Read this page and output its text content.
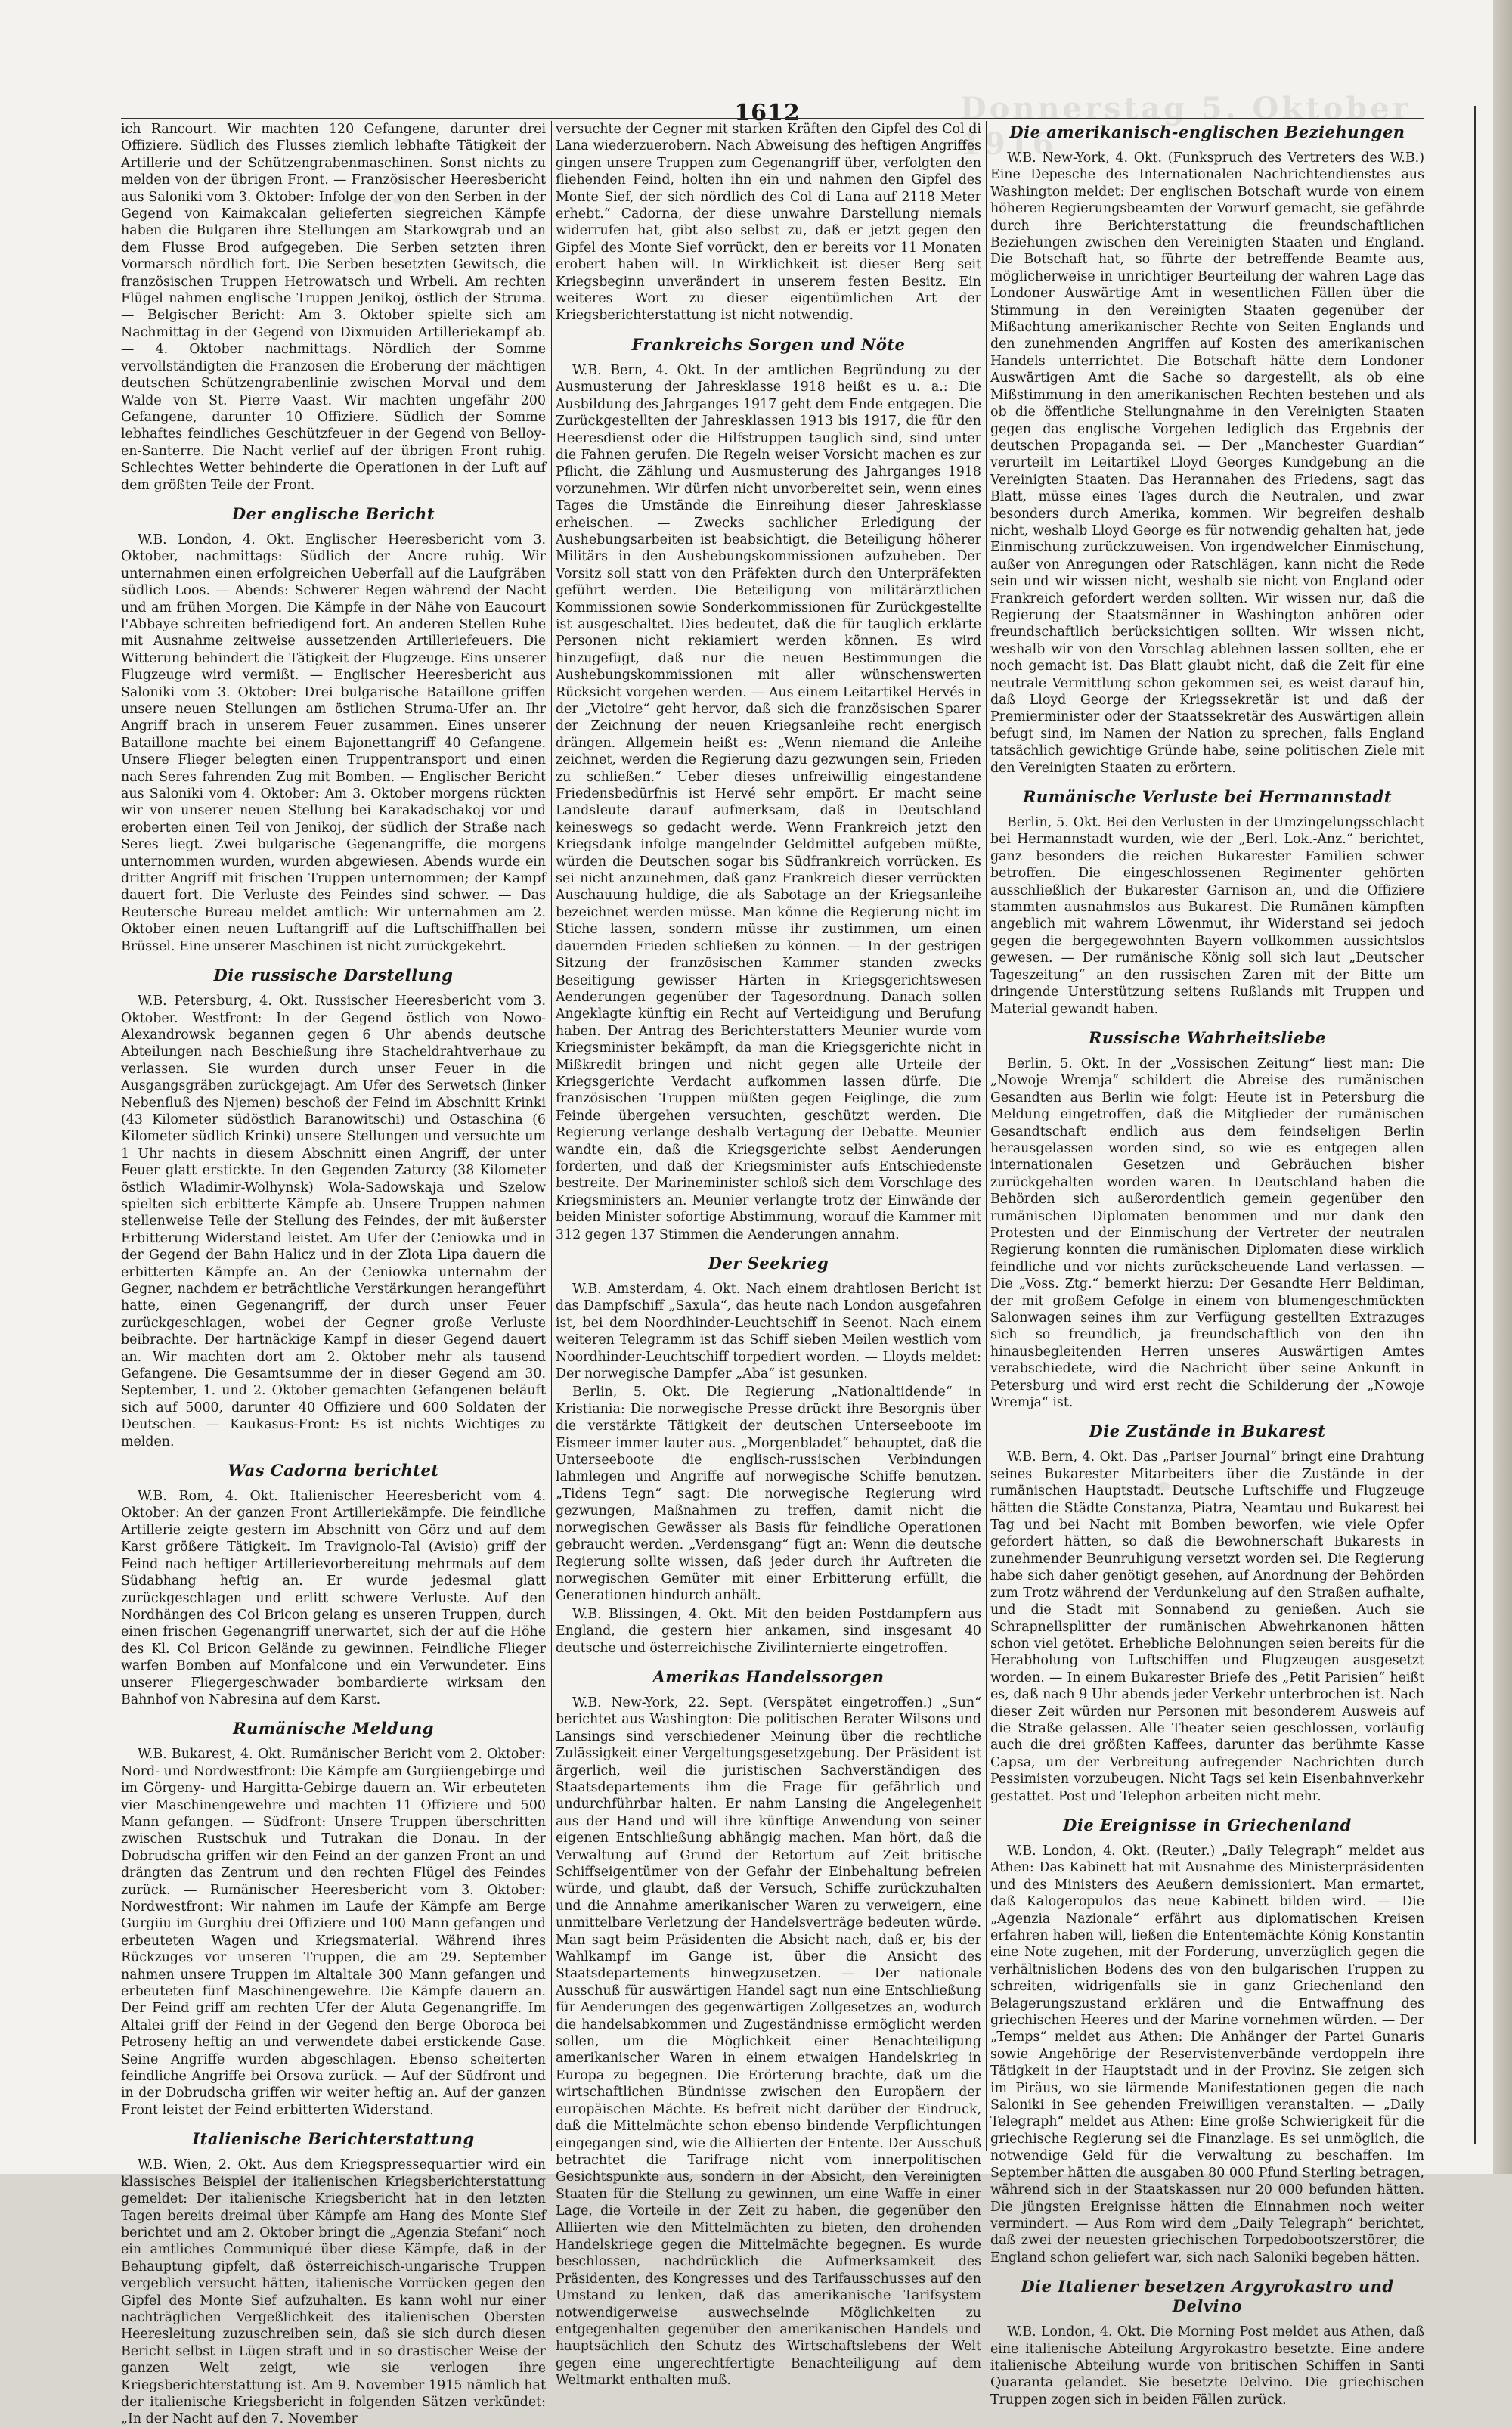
Donnerstag 5. Oktober 1916
1612

ich Rancourt. Wir machten 120 Gefangene, darunter drei Offiziere. Südlich des Flusses ziemlich lebhafte Tätigkeit der Artillerie und der Schützengrabenmaschinen. Sonst nichts zu melden von der übrigen Front. — Französischer Heeresbericht aus Saloniki vom 3. Oktober: Infolge der von den Serben in der Gegend von Kaimakcalan gelieferten siegreichen Kämpfe haben die Bulgaren ihre Stellungen am Starkowgrab und an dem Flusse Brod aufgegeben. Die Serben setzten ihren Vormarsch nördlich fort. Die Serben besetzten Gewitsch, die französischen Truppen Hetrowatsch und Wrbeli. Am rechten Flügel nahmen englische Truppen Jenikoj, östlich der Struma. — Belgischer Bericht: Am 3. Oktober spielte sich am Nachmittag in der Gegend von Dixmuiden Artilleriekampf ab. — 4. Oktober nachmittags. Nördlich der Somme vervollständigten die Franzosen die Eroberung der mächtigen deutschen Schützengrabenlinie zwischen Morval und dem Walde von St. Pierre Vaast. Wir machten ungefähr 200 Gefangene, darunter 10 Offiziere. Südlich der Somme lebhaftes feindliches Geschützfeuer in der Gegend von Belloy-en-Santerre. Die Nacht verlief auf der übrigen Front ruhig. Schlechtes Wetter behinderte die Operationen in der Luft auf dem größten Teile der Front.

Der englische Bericht

W.B. London, 4. Okt. Englischer Heeresbericht vom 3. Oktober, nachmittags: Südlich der Ancre ruhig. Wir unternahmen einen erfolgreichen Ueberfall auf die Laufgräben südlich Loos. — Abends: Schwerer Regen während der Nacht und am frühen Morgen. Die Kämpfe in der Nähe von Eaucourt l'Abbaye schreiten befriedigend fort. An anderen Stellen Ruhe mit Ausnahme zeitweise aussetzenden Artilleriefeuers. Die Witterung behindert die Tätigkeit der Flugzeuge. Eins unserer Flugzeuge wird vermißt. — Englischer Heeresbericht aus Saloniki vom 3. Oktober: Drei bulgarische Bataillone griffen unsere neuen Stellungen am östlichen Struma-Ufer an. Ihr Angriff brach in unserem Feuer zusammen. Eines unserer Bataillone machte bei einem Bajonettangriff 40 Gefangene. Unsere Flieger belegten einen Truppentransport und einen nach Seres fahrenden Zug mit Bomben. — Englischer Bericht aus Saloniki vom 4. Oktober: Am 3. Oktober morgens rückten wir von unserer neuen Stellung bei Karakadschakoj vor und eroberten einen Teil von Jenikoj, der südlich der Straße nach Seres liegt. Zwei bulgarische Gegenangriffe, die morgens unternommen wurden, wurden abgewiesen. Abends wurde ein dritter Angriff mit frischen Truppen unternommen; der Kampf dauert fort. Die Verluste des Feindes sind schwer. — Das Reutersche Bureau meldet amtlich: Wir unternahmen am 2. Oktober einen neuen Luftangriff auf die Luftschiffhallen bei Brüssel. Eine unserer Maschinen ist nicht zurückgekehrt.

Die russische Darstellung

W.B. Petersburg, 4. Okt. Russischer Heeresbericht vom 3. Oktober. Westfront: In der Gegend östlich von Nowo-Alexandrowsk begannen gegen 6 Uhr abends deutsche Abteilungen nach Beschießung ihre Stacheldrahtverhaue zu verlassen. Sie wurden durch unser Feuer in die Ausgangsgräben zurückgejagt. Am Ufer des Serwetsch (linker Nebenfluß des Njemen) beschoß der Feind im Abschnitt Krinki (43 Kilometer südöstlich Baranowitschi) und Ostaschina (6 Kilometer südlich Krinki) unsere Stellungen und versuchte um 1 Uhr nachts in diesem Abschnitt einen Angriff, der unter Feuer glatt erstickte. In den Gegenden Zaturcy (38 Kilometer östlich Wladimir-Wolhynsk) Wola-Sadowskaja und Szelow spielten sich erbitterte Kämpfe ab. Unsere Truppen nahmen stellenweise Teile der Stellung des Feindes, der mit äußerster Erbitterung Widerstand leistet. Am Ufer der Ceniowka und in der Gegend der Bahn Halicz und in der Zlota Lipa dauern die erbitterten Kämpfe an. An der Ceniowka unternahm der Gegner, nachdem er beträchtliche Verstärkungen herangeführt hatte, einen Gegenangriff, der durch unser Feuer zurückgeschlagen, wobei der Gegner große Verluste beibrachte. Der hartnäckige Kampf in dieser Gegend dauert an. Wir machten dort am 2. Oktober mehr als tausend Gefangene. Die Gesamtsumme der in dieser Gegend am 30. September, 1. und 2. Oktober gemachten Gefangenen beläuft sich auf 5000, darunter 40 Offiziere und 600 Soldaten der Deutschen. — Kaukasus-Front: Es ist nichts Wichtiges zu melden.

Was Cadorna berichtet

W.B. Rom, 4. Okt. Italienischer Heeresbericht vom 4. Oktober: An der ganzen Front Artilleriekämpfe. Die feindliche Artillerie zeigte gestern im Abschnitt von Görz und auf dem Karst größere Tätigkeit. Im Travignolo-Tal (Avisio) griff der Feind nach heftiger Artillerievorbereitung mehrmals auf dem Südabhang heftig an. Er wurde jedesmal glatt zurückgeschlagen und erlitt schwere Verluste. Auf den Nordhängen des Col Bricon gelang es unseren Truppen, durch einen frischen Gegenangriff unerwartet, sich der auf die Höhe des Kl. Col Bricon Gelände zu gewinnen. Feindliche Flieger warfen Bomben auf Monfalcone und ein Verwundeter. Eins unserer Fliegergeschwader bombardierte wirksam den Bahnhof von Nabresina auf dem Karst.

Rumänische Meldung

W.B. Bukarest, 4. Okt. Rumänischer Bericht vom 2. Oktober: Nord- und Nordwestfront: Die Kämpfe am Gurgiiengebirge und im Görgeny- und Hargitta-Gebirge dauern an. Wir erbeuteten vier Maschinengewehre und machten 11 Offiziere und 500 Mann gefangen. — Südfront: Unsere Truppen überschritten zwischen Rustschuk und Tutrakan die Donau. In der Dobrudscha griffen wir den Feind an der ganzen Front an und drängten das Zentrum und den rechten Flügel des Feindes zurück. — Rumänischer Heeresbericht vom 3. Oktober: Nordwestfront: Wir nahmen im Laufe der Kämpfe am Berge Gurgiiu im Gurghiu drei Offiziere und 100 Mann gefangen und erbeuteten Wagen und Kriegsmaterial. Während ihres Rückzuges vor unseren Truppen, die am 29. September nahmen unsere Truppen im Altaltale 300 Mann gefangen und erbeuteten fünf Maschinengewehre. Die Kämpfe dauern an. Der Feind griff am rechten Ufer der Aluta Gegenangriffe. Im Altalei griff der Feind in der Gegend den Berge Oboroca bei Petroseny heftig an und verwendete dabei erstickende Gase. Seine Angriffe wurden abgeschlagen. Ebenso scheiterten feindliche Angriffe bei Orsova zurück. — Auf der Südfront und in der Dobrudscha griffen wir weiter heftig an. Auf der ganzen Front leistet der Feind erbitterten Widerstand.

Italienische Berichterstattung

W.B. Wien, 2. Okt. Aus dem Kriegspressequartier wird ein klassisches Beispiel der italienischen Kriegsberichterstattung gemeldet: Der italienische Kriegsbericht hat in den letzten Tagen bereits dreimal über Kämpfe am Hang des Monte Sief berichtet und am 2. Oktober bringt die „Agenzia Stefani“ noch ein amtliches Communiqué über diese Kämpfe, daß in der Behauptung gipfelt, daß österreichisch-ungarische Truppen vergeblich versucht hätten, italienische Vorrücken gegen den Gipfel des Monte Sief aufzuhalten. Es kann wohl nur einer nachträglichen Vergeßlichkeit des italienischen Obersten Heeresleitung zuzuschreiben sein, daß sie sich durch diesen Bericht selbst in Lügen straft und in so drastischer Weise der ganzen Welt zeigt, wie sie verlogen ihre Kriegsberichterstattung ist. Am 9. November 1915 nämlich hat der italienische Kriegsbericht in folgenden Sätzen verkündet: „In der Nacht auf den 7. November

versuchte der Gegner mit starken Kräften den Gipfel des Col di Lana wiederzuerobern. Nach Abweisung des heftigen Angriffes gingen unsere Truppen zum Gegenangriff über, verfolgten den fliehenden Feind, holten ihn ein und nahmen den Gipfel des Monte Sief, der sich nördlich des Col di Lana auf 2118 Meter erhebt.“ Cadorna, der diese unwahre Darstellung niemals widerrufen hat, gibt also selbst zu, daß er jetzt gegen den Gipfel des Monte Sief vorrückt, den er bereits vor 11 Monaten erobert haben will. In Wirklichkeit ist dieser Berg seit Kriegsbeginn unverändert in unserem festen Besitz. Ein weiteres Wort zu dieser eigentümlichen Art der Kriegsberichterstattung ist nicht notwendig.

Frankreichs Sorgen und Nöte

W.B. Bern, 4. Okt. In der amtlichen Begründung zu der Ausmusterung der Jahresklasse 1918 heißt es u. a.: Die Ausbildung des Jahrganges 1917 geht dem Ende entgegen. Die Zurückgestellten der Jahresklassen 1913 bis 1917, die für den Heeresdienst oder die Hilfstruppen tauglich sind, sind unter die Fahnen gerufen. Die Regeln weiser Vorsicht machen es zur Pflicht, die Zählung und Ausmusterung des Jahrganges 1918 vorzunehmen. Wir dürfen nicht unvorbereitet sein, wenn eines Tages die Umstände die Einreihung dieser Jahresklasse erheischen. — Zwecks sachlicher Erledigung der Aushebungsarbeiten ist beabsichtigt, die Beteiligung höherer Militärs in den Aushebungskommissionen aufzuheben. Der Vorsitz soll statt von den Präfekten durch den Unterpräfekten geführt werden. Die Beteiligung von militärärztlichen Kommissionen sowie Sonderkommissionen für Zurückgestellte ist ausgeschaltet. Dies bedeutet, daß die für tauglich erklärte Personen nicht rekiamiert werden können. Es wird hinzugefügt, daß nur die neuen Bestimmungen die Aushebungskommissionen mit aller wünschenswerten Rücksicht vorgehen werden. — Aus einem Leitartikel Hervés in der „Victoire“ geht hervor, daß sich die französischen Sparer der Zeichnung der neuen Kriegsanleihe recht energisch drängen. Allgemein heißt es: „Wenn niemand die Anleihe zeichnet, werden die Regierung dazu gezwungen sein, Frieden zu schließen.“ Ueber dieses unfreiwillig eingestandene Friedensbedürfnis ist Hervé sehr empört. Er macht seine Landsleute darauf aufmerksam, daß in Deutschland keineswegs so gedacht werde. Wenn Frankreich jetzt den Kriegsdank infolge mangelnder Geldmittel aufgeben müßte, würden die Deutschen sogar bis Südfrankreich vorrücken. Es sei nicht anzunehmen, daß ganz Frankreich dieser verrückten Auschauung huldige, die als Sabotage an der Kriegsanleihe bezeichnet werden müsse. Man könne die Regierung nicht im Stiche lassen, sondern müsse ihr zustimmen, um einen dauernden Frieden schließen zu können. — In der gestrigen Sitzung der französischen Kammer standen zwecks Beseitigung gewisser Härten in Kriegsgerichtswesen Aenderungen gegenüber der Tagesordnung. Danach sollen Angeklagte künftig ein Recht auf Verteidigung und Berufung haben. Der Antrag des Berichterstatters Meunier wurde vom Kriegsminister bekämpft, da man die Kriegsgerichte nicht in Mißkredit bringen und nicht gegen alle Urteile der Kriegsgerichte Verdacht aufkommen lassen dürfe. Die französischen Truppen müßten gegen Feiglinge, die zum Feinde übergehen versuchten, geschützt werden. Die Regierung verlange deshalb Vertagung der Debatte. Meunier wandte ein, daß die Kriegsgerichte selbst Aenderungen forderten, und daß der Kriegsminister aufs Entschiedenste bestreite. Der Marineminister schloß sich dem Vorschlage des Kriegsministers an. Meunier verlangte trotz der Einwände der beiden Minister sofortige Abstimmung, worauf die Kammer mit 312 gegen 137 Stimmen die Aenderungen annahm.

Der Seekrieg

W.B. Amsterdam, 4. Okt. Nach einem drahtlosen Bericht ist das Dampfschiff „Saxula“, das heute nach London ausgefahren ist, bei dem Noordhinder-Leuchtschiff in Seenot. Nach einem weiteren Telegramm ist das Schiff sieben Meilen westlich vom Noordhinder-Leuchtschiff torpediert worden. — Lloyds meldet: Der norwegische Dampfer „Aba“ ist gesunken.

Berlin, 5. Okt. Die Regierung „Nationaltidende“ in Kristiania: Die norwegische Presse drückt ihre Besorgnis über die verstärkte Tätigkeit der deutschen Unterseeboote im Eismeer immer lauter aus. „Morgenbladet“ behauptet, daß die Unterseeboote die englisch-russischen Verbindungen lahmlegen und Angriffe auf norwegische Schiffe benutzen. „Tidens Tegn“ sagt: Die norwegische Regierung wird gezwungen, Maßnahmen zu treffen, damit nicht die norwegischen Gewässer als Basis für feindliche Operationen gebraucht werden. „Verdensgang“ fügt an: Wenn die deutsche Regierung sollte wissen, daß jeder durch ihr Auftreten die norwegischen Gemüter mit einer Erbitterung erfüllt, die Generationen hindurch anhält.

W.B. Blissingen, 4. Okt. Mit den beiden Postdampfern aus England, die gestern hier ankamen, sind insgesamt 40 deutsche und österreichische Zivilinternierte eingetroffen.

Amerikas Handelssorgen

W.B. New-York, 22. Sept. (Verspätet eingetroffen.) „Sun“ berichtet aus Washington: Die politischen Berater Wilsons und Lansings sind verschiedener Meinung über die rechtliche Zulässigkeit einer Vergeltungsgesetzgebung. Der Präsident ist ärgerlich, weil die juristischen Sachverständigen des Staatsdepartements ihm die Frage für gefährlich und undurchführbar halten. Er nahm Lansing die Angelegenheit aus der Hand und will ihre künftige Anwendung von seiner eigenen Entschließung abhängig machen. Man hört, daß die Verwaltung auf Grund der Retortum auf Zeit britische Schiffseigentümer von der Gefahr der Einbehaltung befreien würde, und glaubt, daß der Versuch, Schiffe zurückzuhalten und die Annahme amerikanischer Waren zu verweigern, eine unmittelbare Verletzung der Handelsverträge bedeuten würde. Man sagt beim Präsidenten die Absicht nach, daß er, bis der Wahlkampf im Gange ist, über die Ansicht des Staatsdepartements hinwegzusetzen. — Der nationale Ausschuß für auswärtigen Handel sagt nun eine Entschließung für Aenderungen des gegenwärtigen Zollgesetzes an, wodurch die handelsabkommen und Zugeständnisse ermöglicht werden sollen, um die Möglichkeit einer Benachteiligung amerikanischer Waren in einem etwaigen Handelskrieg in Europa zu begegnen. Die Erörterung brachte, daß um die wirtschaftlichen Bündnisse zwischen den Europäern der europäischen Mächte. Es befreit nicht darüber der Eindruck, daß die Mittelmächte schon ebenso bindende Verpflichtungen eingegangen sind, wie die Alliierten der Entente. Der Ausschuß betrachtet die Tarifrage nicht vom innerpolitischen Gesichtspunkte aus, sondern in der Absicht, den Vereinigten Staaten für die Stellung zu gewinnen, um eine Waffe in einer Lage, die Vorteile in der Zeit zu haben, die gegenüber den Alliierten wie den Mittelmächten zu bieten, den drohenden Handelskriege gegen die Mittelmächte begegnen. Es wurde beschlossen, nachdrücklich die Aufmerksamkeit des Präsidenten, des Kongresses und des Tarifausschusses auf den Umstand zu lenken, daß das amerikanische Tarifsystem notwendigerweise auswechselnde Möglichkeiten zu entgegenhalten gegenüber den amerikanischen Handels und hauptsächlich den Schutz des Wirtschaftslebens der Welt gegen eine ungerechtfertigte Benachteiligung auf dem Weltmarkt enthalten muß.

Die amerikanisch-englischen Beziehungen

W.B. New-York, 4. Okt. (Funkspruch des Vertreters des W.B.) Eine Depesche des Internationalen Nachrichtendienstes aus Washington meldet: Der englischen Botschaft wurde von einem höheren Regierungsbeamten der Vorwurf gemacht, sie gefährde durch ihre Berichterstattung die freundschaftlichen Beziehungen zwischen den Vereinigten Staaten und England. Die Botschaft hat, so führte der betreffende Beamte aus, möglicherweise in unrichtiger Beurteilung der wahren Lage das Londoner Auswärtige Amt in wesentlichen Fällen über die Stimmung in den Vereinigten Staaten gegenüber der Mißachtung amerikanischer Rechte von Seiten Englands und den zunehmenden Angriffen auf Kosten des amerikanischen Handels unterrichtet. Die Botschaft hätte dem Londoner Auswärtigen Amt die Sache so dargestellt, als ob eine Mißstimmung in den amerikanischen Rechten bestehen und als ob die öffentliche Stellungnahme in den Vereinigten Staaten gegen das englische Vorgehen lediglich das Ergebnis der deutschen Propaganda sei. — Der „Manchester Guardian“ verurteilt im Leitartikel Lloyd Georges Kundgebung an die Vereinigten Staaten. Das Herannahen des Friedens, sagt das Blatt, müsse eines Tages durch die Neutralen, und zwar besonders durch Amerika, kommen. Wir begreifen deshalb nicht, weshalb Lloyd George es für notwendig gehalten hat, jede Einmischung zurückzuweisen. Von irgendwelcher Einmischung, außer von Anregungen oder Ratschlägen, kann nicht die Rede sein und wir wissen nicht, weshalb sie nicht von England oder Frankreich gefordert werden sollten. Wir wissen nur, daß die Regierung der Staatsmänner in Washington anhören oder freundschaftlich berücksichtigen sollten. Wir wissen nicht, weshalb wir von den Vorschlag ablehnen lassen sollten, ehe er noch gemacht ist. Das Blatt glaubt nicht, daß die Zeit für eine neutrale Vermittlung schon gekommen sei, es weist darauf hin, daß Lloyd George der Kriegssekretär ist und daß der Premierminister oder der Staatssekretär des Auswärtigen allein befugt sind, im Namen der Nation zu sprechen, falls England tatsächlich gewichtige Gründe habe, seine politischen Ziele mit den Vereinigten Staaten zu erörtern.

Rumänische Verluste bei Hermannstadt

Berlin, 5. Okt. Bei den Verlusten in der Umzingelungsschlacht bei Hermannstadt wurden, wie der „Berl. Lok.-Anz.“ berichtet, ganz besonders die reichen Bukarester Familien schwer betroffen. Die eingeschlossenen Regimenter gehörten ausschließlich der Bukarester Garnison an, und die Offiziere stammten ausnahmslos aus Bukarest. Die Rumänen kämpften angeblich mit wahrem Löwenmut, ihr Widerstand sei jedoch gegen die bergegewohnten Bayern vollkommen aussichtslos gewesen. — Der rumänische König soll sich laut „Deutscher Tageszeitung“ an den russischen Zaren mit der Bitte um dringende Unterstützung seitens Rußlands mit Truppen und Material gewandt haben.

Russische Wahrheitsliebe

Berlin, 5. Okt. In der „Vossischen Zeitung“ liest man: Die „Nowoje Wremja“ schildert die Abreise des rumänischen Gesandten aus Berlin wie folgt: Heute ist in Petersburg die Meldung eingetroffen, daß die Mitglieder der rumänischen Gesandtschaft endlich aus dem feindseligen Berlin herausgelassen worden sind, so wie es entgegen allen internationalen Gesetzen und Gebräuchen bisher zurückgehalten worden waren. In Deutschland haben die Behörden sich außerordentlich gemein gegenüber den rumänischen Diplomaten benommen und nur dank den Protesten und der Einmischung der Vertreter der neutralen Regierung konnten die rumänischen Diplomaten diese wirklich feindliche und vor nichts zurückscheuende Land verlassen. — Die „Voss. Ztg.“ bemerkt hierzu: Der Gesandte Herr Beldiman, der mit großem Gefolge in einem von blumengeschmückten Salonwagen seines ihm zur Verfügung gestellten Extrazuges sich so freundlich, ja freundschaftlich von den ihn hinausbegleitenden Herren unseres Auswärtigen Amtes verabschiedete, wird die Nachricht über seine Ankunft in Petersburg und wird erst recht die Schilderung der „Nowoje Wremja“ ist.

Die Zustände in Bukarest

W.B. Bern, 4. Okt. Das „Pariser Journal“ bringt eine Drahtung seines Bukarester Mitarbeiters über die Zustände in der rumänischen Hauptstadt. Deutsche Luftschiffe und Flugzeuge hätten die Städte Constanza, Piatra, Neamtau und Bukarest bei Tag und bei Nacht mit Bomben beworfen, wie viele Opfer gefordert hätten, so daß die Bewohnerschaft Bukarests in zunehmender Beunruhigung versetzt worden sei. Die Regierung habe sich daher genötigt gesehen, auf Anordnung der Behörden zum Trotz während der Verdunkelung auf den Straßen aufhalte, und die Stadt mit Sonnabend zu genießen. Auch sie Schrapnellsplitter der rumänischen Abwehrkanonen hätten schon viel getötet. Erhebliche Belohnungen seien bereits für die Herabholung von Luftschiffen und Flugzeugen ausgesetzt worden. — In einem Bukarester Briefe des „Petit Parisien“ heißt es, daß nach 9 Uhr abends jeder Verkehr unterbrochen ist. Nach dieser Zeit würden nur Personen mit besonderem Ausweis auf die Straße gelassen. Alle Theater seien geschlossen, vorläufig auch die drei größten Kaffees, darunter das berühmte Kasse Capsa, um der Verbreitung aufregender Nachrichten durch Pessimisten vorzubeugen. Nicht Tags sei kein Eisenbahnverkehr gestattet. Post und Telephon arbeiten nicht mehr.

Die Ereignisse in Griechenland

W.B. London, 4. Okt. (Reuter.) „Daily Telegraph“ meldet aus Athen: Das Kabinett hat mit Ausnahme des Ministerpräsidenten und des Ministers des Aeußern demissioniert. Man ermartet, daß Kalogeropulos das neue Kabinett bilden wird. — Die „Agenzia Nazionale“ erfährt aus diplomatischen Kreisen erfahren haben will, ließen die Ententemächte König Konstantin eine Note zugehen, mit der Forderung, unverzüglich gegen die verhältnislichen Bodens des von den bulgarischen Truppen zu schreiten, widrigenfalls sie in ganz Griechenland den Belagerungszustand erklären und die Entwaffnung des griechischen Heeres und der Marine vornehmen würden. — Der „Temps“ meldet aus Athen: Die Anhänger der Partei Gunaris sowie Angehörige der Reservistenverbände verdoppeln ihre Tätigkeit in der Hauptstadt und in der Provinz. Sie zeigen sich im Piräus, wo sie lärmende Manifestationen gegen die nach Saloniki in See gehenden Freiwilligen veranstalten. — „Daily Telegraph“ meldet aus Athen: Eine große Schwierigkeit für die griechische Regierung sei die Finanzlage. Es sei unmöglich, die notwendige Geld für die Verwaltung zu beschaffen. Im September hätten die ausgaben 80 000 Pfund Sterling betragen, während sich in der Staatskassen nur 20 000 befunden hätten. Die jüngsten Ereignisse hätten die Einnahmen noch weiter vermindert. — Aus Rom wird dem „Daily Telegraph“ berichtet, daß zwei der neuesten griechischen Torpedobootszerstörer, die England schon geliefert war, sich nach Saloniki begeben hätten.

Die Italiener besetzen Argyrokastro und Delvino

W.B. London, 4. Okt. Die Morning Post meldet aus Athen, daß eine italienische Abteilung Argyrokastro besetzte. Eine andere italienische Abteilung wurde von britischen Schiffen in Santi Quaranta gelandet. Sie besetzte Delvino. Die griechischen Truppen zogen sich in beiden Fällen zurück.
